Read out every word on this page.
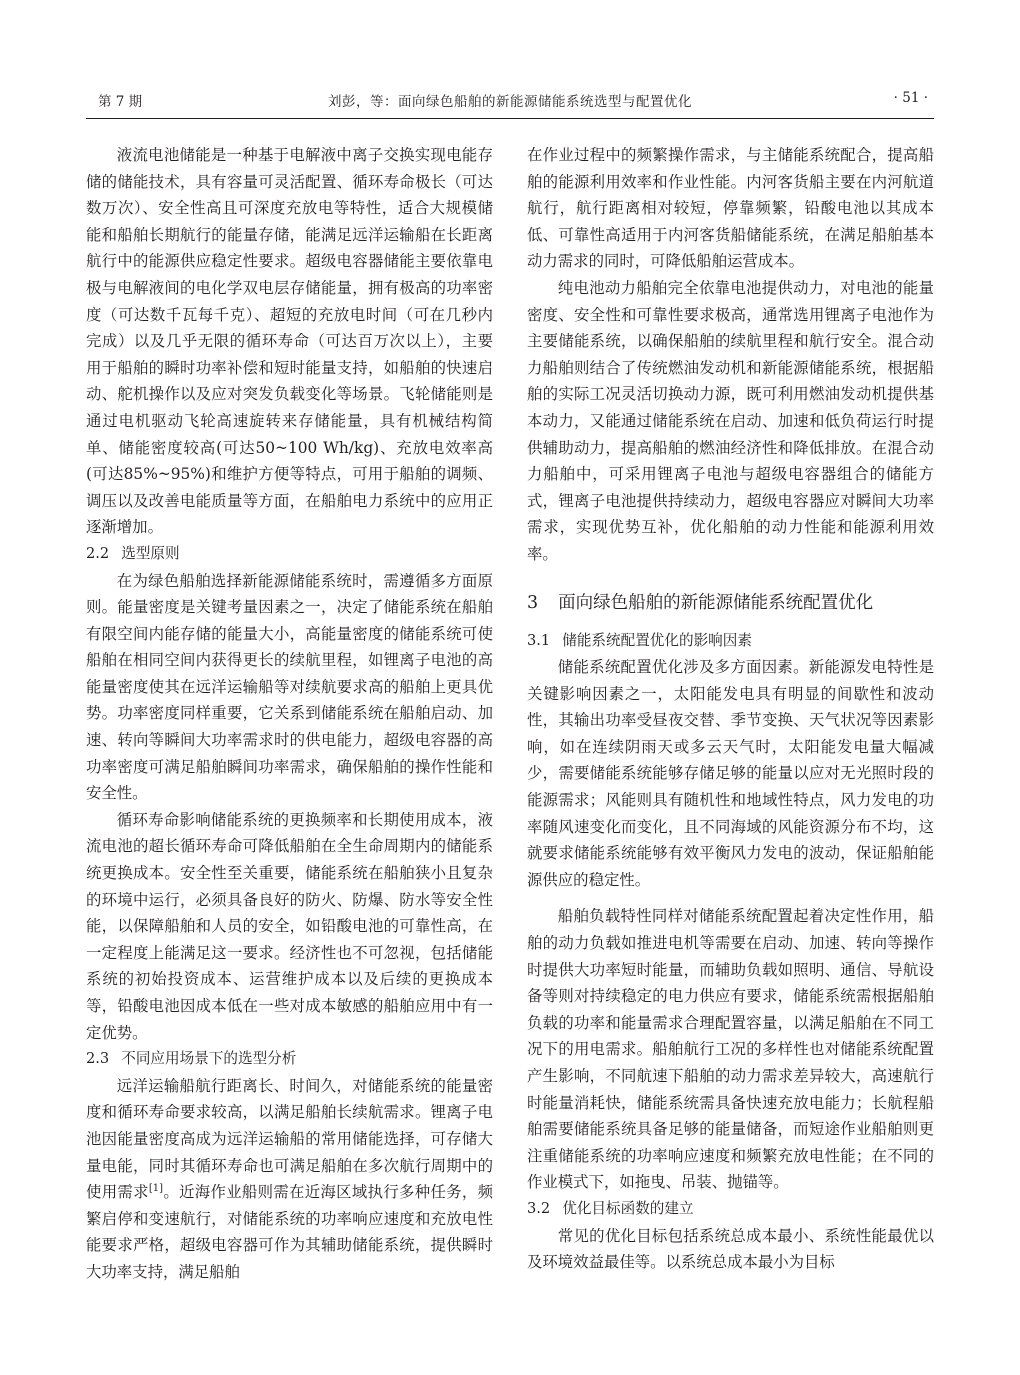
第 7 期	刘彭，等：面向绿色船舶的新能源储能系统选型与配置优化	· 51 ·

液流电池储能是一种基于电解液中离子交换实现电能存储的储能技术，具有容量可灵活配置、循环寿命极长（可达数万次）、安全性高且可深度充放电等特性，适合大规模储能和船舶长期航行的能量存储，能满足远洋运输船在长距离航行中的能源供应稳定性要求。超级电容器储能主要依靠电极与电解液间的电化学双电层存储能量，拥有极高的功率密度（可达数千瓦每千克）、超短的充放电时间（可在几秒内完成）以及几乎无限的循环寿命（可达百万次以上），主要用于船舶的瞬时功率补偿和短时能量支持，如船舶的快速启动、舵机操作以及应对突发负载变化等场景。飞轮储能则是通过电机驱动飞轮高速旋转来存储能量，具有机械结构简单、储能密度较高(可达50~100 Wh/kg)、充放电效率高(可达85%~95%)和维护方便等特点，可用于船舶的调频、调压以及改善电能质量等方面，在船舶电力系统中的应用正逐渐增加。

2.2 选型原则

在为绿色船舶选择新能源储能系统时，需遵循多方面原则。能量密度是关键考量因素之一，决定了储能系统在船舶有限空间内能存储的能量大小，高能量密度的储能系统可使船舶在相同空间内获得更长的续航里程，如锂离子电池的高能量密度使其在远洋运输船等对续航要求高的船舶上更具优势。功率密度同样重要，它关系到储能系统在船舶启动、加速、转向等瞬间大功率需求时的供电能力，超级电容器的高功率密度可满足船舶瞬间功率需求，确保船舶的操作性能和安全性。

循环寿命影响储能系统的更换频率和长期使用成本，液流电池的超长循环寿命可降低船舶在全生命周期内的储能系统更换成本。安全性至关重要，储能系统在船舶狭小且复杂的环境中运行，必须具备良好的防火、防爆、防水等安全性能，以保障船舶和人员的安全，如铅酸电池的可靠性高，在一定程度上能满足这一要求。经济性也不可忽视，包括储能系统的初始投资成本、运营维护成本以及后续的更换成本等，铅酸电池因成本低在一些对成本敏感的船舶应用中有一定优势。

2.3 不同应用场景下的选型分析

远洋运输船航行距离长、时间久，对储能系统的能量密度和循环寿命要求较高，以满足船舶长续航需求。锂离子电池因能量密度高成为远洋运输船的常用储能选择，可存储大量电能，同时其循环寿命也可满足船舶在多次航行周期中的使用需求[1]。近海作业船则需在近海区域执行多种任务，频繁启停和变速航行，对储能系统的功率响应速度和充放电性能要求严格，超级电容器可作为其辅助储能系统，提供瞬时大功率支持，满足船舶

在作业过程中的频繁操作需求，与主储能系统配合，提高船舶的能源利用效率和作业性能。内河客货船主要在内河航道航行，航行距离相对较短，停靠频繁，铅酸电池以其成本低、可靠性高适用于内河客货船储能系统，在满足船舶基本动力需求的同时，可降低船舶运营成本。

纯电池动力船舶完全依靠电池提供动力，对电池的能量密度、安全性和可靠性要求极高，通常选用锂离子电池作为主要储能系统，以确保船舶的续航里程和航行安全。混合动力船舶则结合了传统燃油发动机和新能源储能系统，根据船舶的实际工况灵活切换动力源，既可利用燃油发动机提供基本动力，又能通过储能系统在启动、加速和低负荷运行时提供辅助动力，提高船舶的燃油经济性和降低排放。在混合动力船舶中，可采用锂离子电池与超级电容器组合的储能方式，锂离子电池提供持续动力，超级电容器应对瞬间大功率需求，实现优势互补，优化船舶的动力性能和能源利用效率。

3 面向绿色船舶的新能源储能系统配置优化
3.1 储能系统配置优化的影响因素

储能系统配置优化涉及多方面因素。新能源发电特性是关键影响因素之一，太阳能发电具有明显的间歇性和波动性，其输出功率受昼夜交替、季节变换、天气状况等因素影响，如在连续阴雨天或多云天气时，太阳能发电量大幅减少，需要储能系统能够存储足够的能量以应对无光照时段的能源需求；风能则具有随机性和地域性特点，风力发电的功率随风速变化而变化，且不同海域的风能资源分布不均，这就要求储能系统能够有效平衡风力发电的波动，保证船舶能源供应的稳定性。

船舶负载特性同样对储能系统配置起着决定性作用，船舶的动力负载如推进电机等需要在启动、加速、转向等操作时提供大功率短时能量，而辅助负载如照明、通信、导航设备等则对持续稳定的电力供应有要求，储能系统需根据船舶负载的功率和能量需求合理配置容量，以满足船舶在不同工况下的用电需求。船舶航行工况的多样性也对储能系统配置产生影响，不同航速下船舶的动力需求差异较大，高速航行时能量消耗快，储能系统需具备快速充放电能力；长航程船舶需要储能系统具备足够的能量储备，而短途作业船舶则更注重储能系统的功率响应速度和频繁充放电性能；在不同的作业模式下，如拖曳、吊装、抛锚等。

3.2 优化目标函数的建立

常见的优化目标包括系统总成本最小、系统性能最优以及环境效益最佳等。以系统总成本最小为目标
